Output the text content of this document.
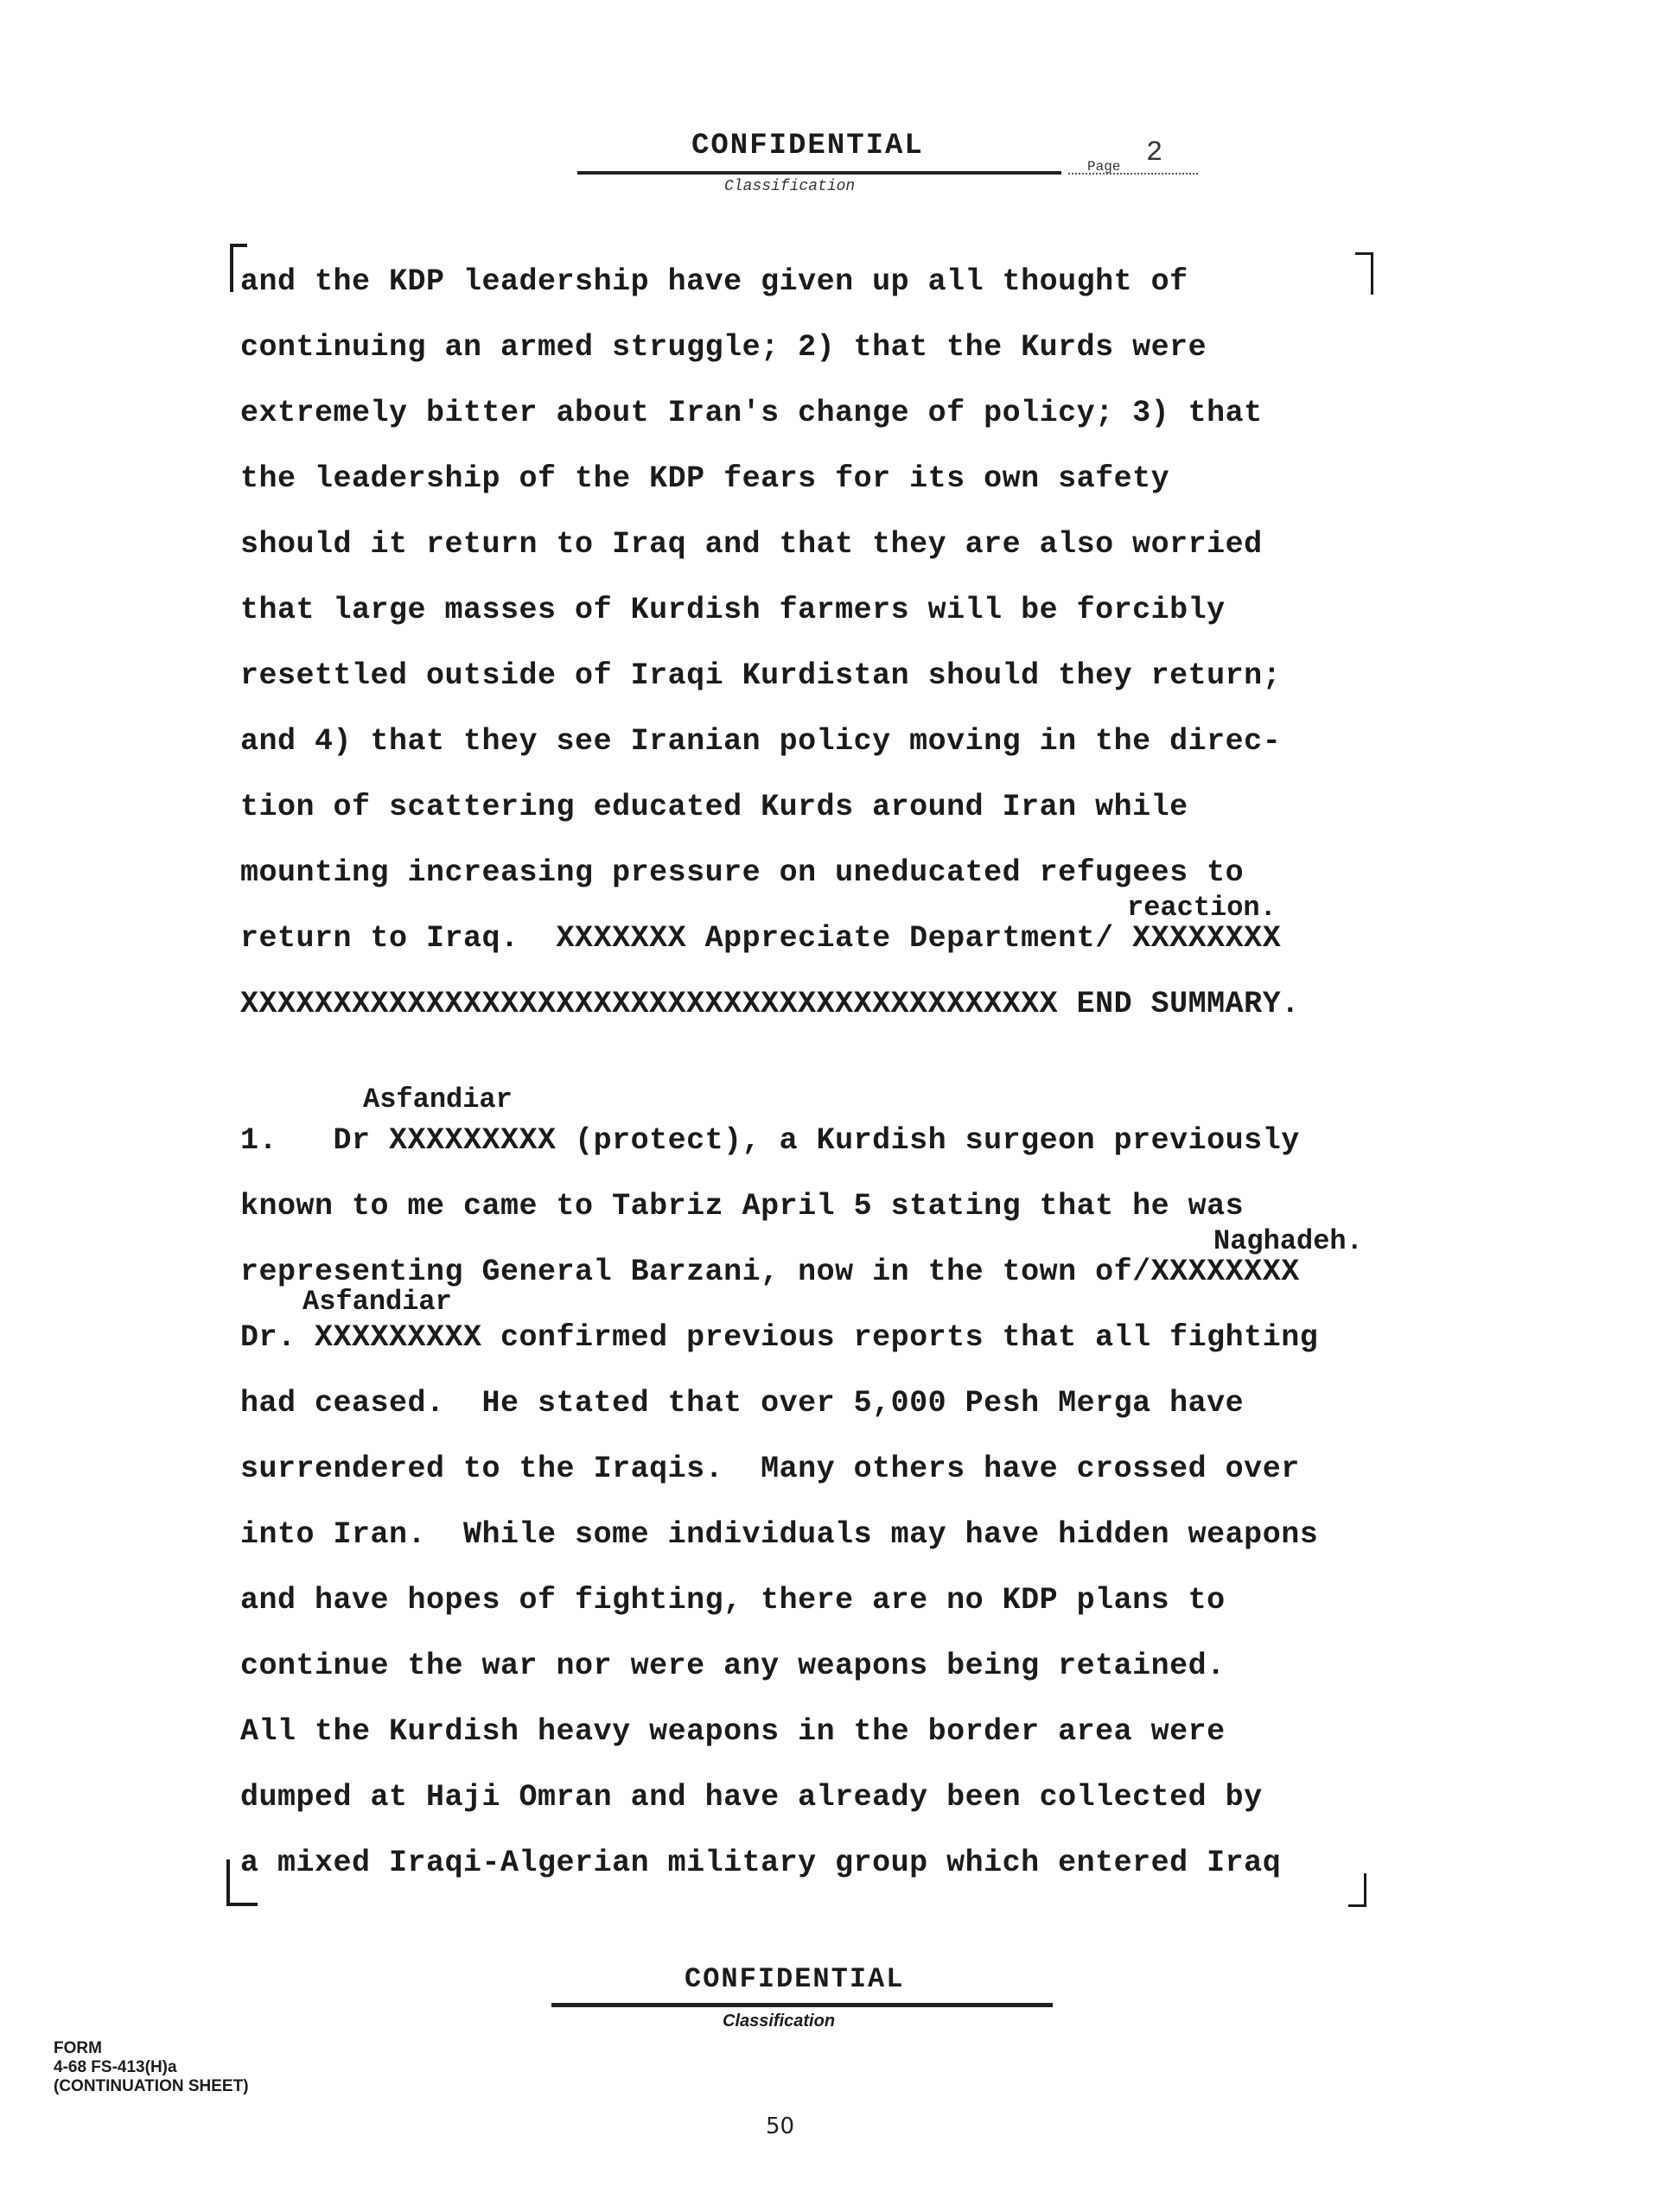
CONFIDENTIAL
Classification
Page 2
and the KDP leadership have given up all thought of
continuing an armed struggle; 2) that the Kurds were
extremely bitter about Iran's change of policy; 3) that
the leadership of the KDP fears for its own safety
should it return to Iraq and that they are also worried
that large masses of Kurdish farmers will be forcibly
resettled outside of Iraqi Kurdistan should they return;
and 4) that they see Iranian policy moving in the direc-
tion of scattering educated Kurds around Iran while
mounting increasing pressure on uneducated refugees to
reaction.
return to Iraq.  XXXXXXX Appreciate Department/ XXXXXXXX
XXXXXXXXXXXXXXXXXXXXXXXXXXXXXXXXXXXXXXXXXXXX END SUMMARY.
Asfandiar
1.   Dr XXXXXXXXX (protect), a Kurdish surgeon previously
known to me came to Tabriz April 5 stating that he was
Naghadeh.
representing General Barzani, now in the town of/XXXXXXXX
Asfandiar
Dr. XXXXXXXXX confirmed previous reports that all fighting
had ceased.  He stated that over 5,000 Pesh Merga have
surrendered to the Iraqis.  Many others have crossed over
into Iran.  While some individuals may have hidden weapons
and have hopes of fighting, there are no KDP plans to
continue the war nor were any weapons being retained.
All the Kurdish heavy weapons in the border area were
dumped at Haji Omran and have already been collected by
a mixed Iraqi-Algerian military group which entered Iraq
CONFIDENTIAL
Classification
FORM
4-68 FS-413(H)a
(CONTINUATION SHEET)
50
